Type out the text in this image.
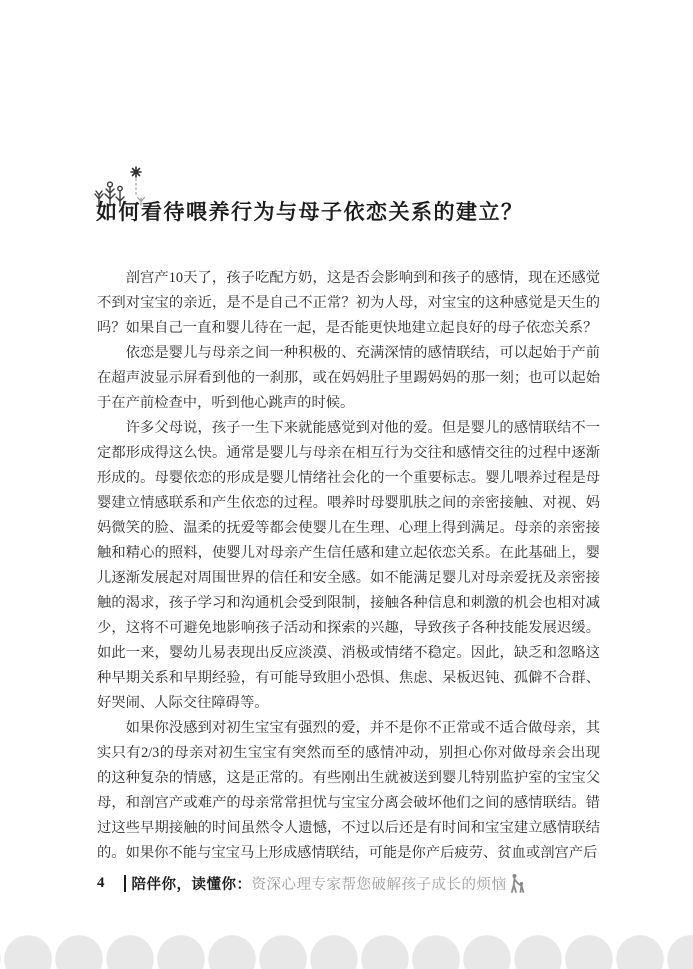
如何看待喂养行为与母子依恋关系的建立？

剖宫产10天了，孩子吃配方奶，这是否会影响到和孩子的感情，现在还感觉不到对宝宝的亲近，是不是自己不正常？初为人母，对宝宝的这种感觉是天生的吗？如果自己一直和婴儿待在一起，是否能更快地建立起良好的母子依恋关系？

依恋是婴儿与母亲之间一种积极的、充满深情的感情联结，可以起始于产前在超声波显示屏看到他的一刹那，或在妈妈肚子里踢妈妈的那一刻；也可以起始于在产前检查中，听到他心跳声的时候。

许多父母说，孩子一生下来就能感觉到对他的爱。但是婴儿的感情联结不一定都形成得这么快。通常是婴儿与母亲在相互行为交往和感情交往的过程中逐渐形成的。母婴依恋的形成是婴儿情绪社会化的一个重要标志。婴儿喂养过程是母婴建立情感联系和产生依恋的过程。喂养时母婴肌肤之间的亲密接触、对视、妈妈微笑的脸、温柔的抚爱等都会使婴儿在生理、心理上得到满足。母亲的亲密接触和精心的照料，使婴儿对母亲产生信任感和建立起依恋关系。在此基础上，婴儿逐渐发展起对周围世界的信任和安全感。如不能满足婴儿对母亲爱抚及亲密接触的渴求，孩子学习和沟通机会受到限制，接触各种信息和刺激的机会也相对减少，这将不可避免地影响孩子活动和探索的兴趣，导致孩子各种技能发展迟缓。如此一来，婴幼儿易表现出反应淡漠、消极或情绪不稳定。因此，缺乏和忽略这种早期关系和早期经验，有可能导致胆小恐惧、焦虑、呆板迟钝、孤僻不合群、好哭闹、人际交往障碍等。

如果你没感到对初生宝宝有强烈的爱，并不是你不正常或不适合做母亲，其实只有2/3的母亲对初生宝宝有突然而至的感情冲动，别担心你对做母亲会出现的这种复杂的情感，这是正常的。有些刚出生就被送到婴儿特别监护室的宝宝父母，和剖宫产或难产的母亲常常担忧与宝宝分离会破坏他们之间的感情联结。错过这些早期接触的时间虽然令人遗憾，不过以后还是有时间和宝宝建立感情联结的。如果你不能与宝宝马上形成感情联结，可能是你产后疲劳、贫血或剖宫产后

4 陪伴你，读懂你： 资深心理专家帮您破解孩子成长的烦恼
